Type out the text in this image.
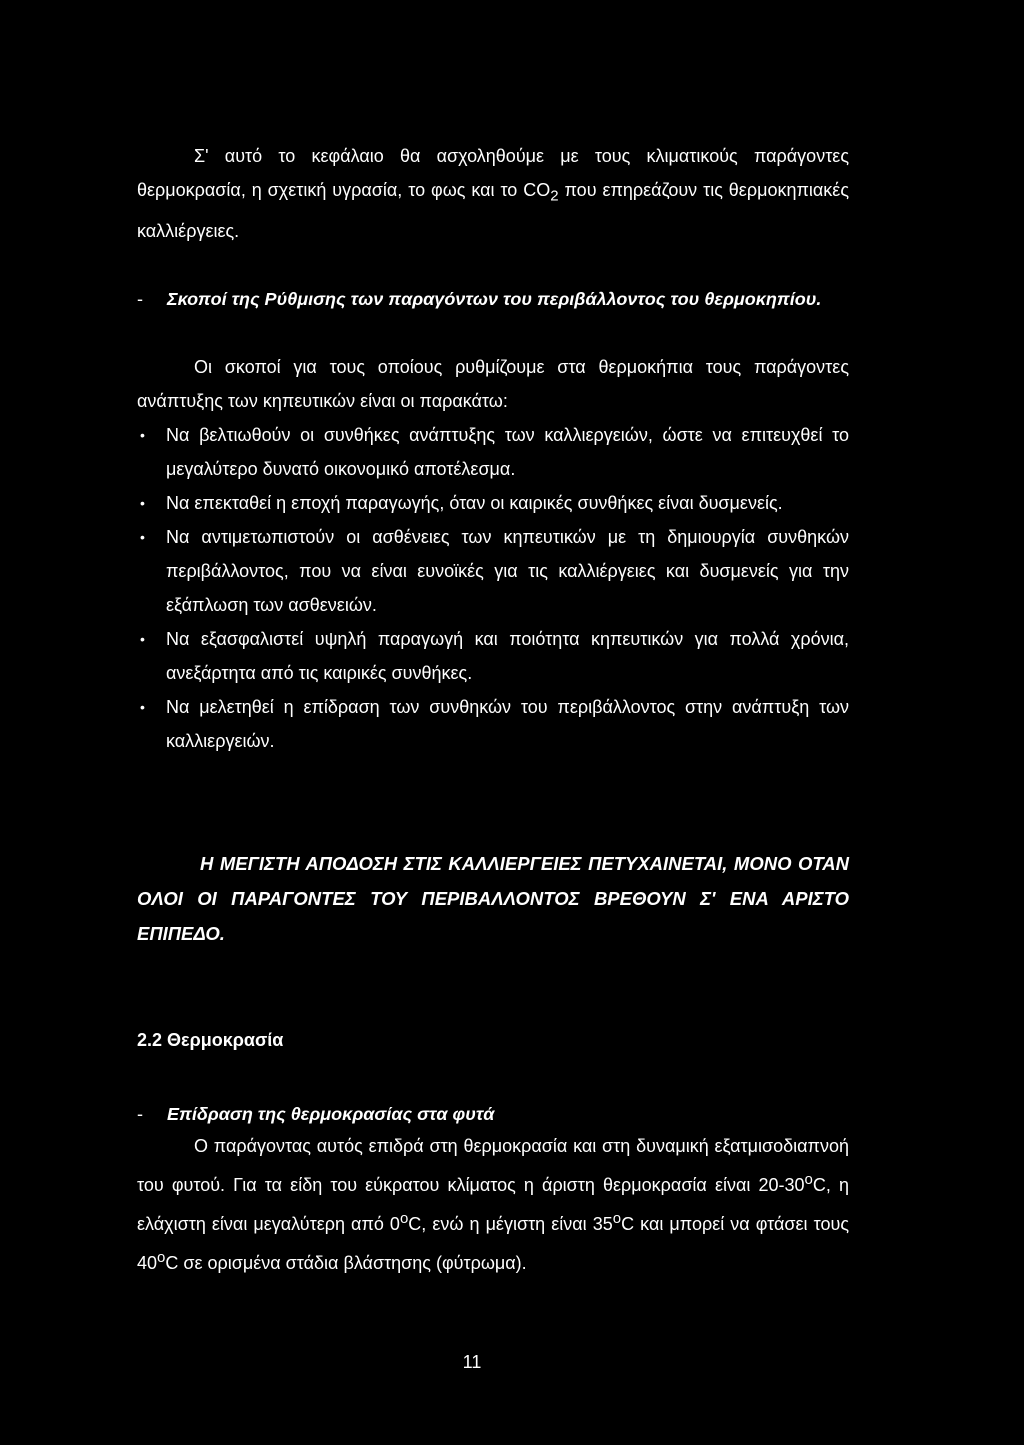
Σ' αυτό το κεφάλαιο θα ασχοληθούμε με τους κλιματικούς παράγοντες θερμοκρασία, η σχετική υγρασία, το φως και το $CO_2$ που επηρεάζουν τις θερμοκηπιακές καλλιέργειες.

- Σκοποί της Ρύθμισης των παραγόντων του περιβάλλοντος του θερμοκηπίου.

Οι σκοποί για τους οποίους ρυθμίζουμε στα θερμοκήπια τους παράγοντες ανάπτυξης των κηπευτικών είναι οι παρακάτω:

• Να βελτιωθούν οι συνθήκες ανάπτυξης των καλλιεργειών, ώστε να επιτευχθεί το μεγαλύτερο δυνατό οικονομικό αποτέλεσμα.
• Να επεκταθεί η εποχή παραγωγής, όταν οι καιρικές συνθήκες είναι δυσμενείς.
• Να αντιμετωπιστούν οι ασθένειες των κηπευτικών με τη δημιουργία συνθηκών περιβάλλοντος, που να είναι ευνοϊκές για τις καλλιέργειες και δυσμενείς για την εξάπλωση των ασθενειών.
• Να εξασφαλιστεί υψηλή παραγωγή και ποιότητα κηπευτικών για πολλά χρόνια, ανεξάρτητα από τις καιρικές συνθήκες.
• Να μελετηθεί η επίδραση των συνθηκών του περιβάλλοντος στην ανάπτυξη των καλλιεργειών.

Η ΜΕΓΙΣΤΗ ΑΠΟΔΟΣΗ ΣΤΙΣ ΚΑΛΛΙΕΡΓΕΙΕΣ ΠΕΤΥΧΑΙΝΕΤΑΙ, ΜΟΝΟ ΟΤΑΝ ΟΛΟΙ ΟΙ ΠΑΡΑΓΟΝΤΕΣ ΤΟΥ ΠΕΡΙΒΑΛΛΟΝΤΟΣ ΒΡΕΘΟΥΝ Σ' ΕΝΑ ΑΡΙΣΤΟ ΕΠΙΠΕΔΟ.

2.2 Θερμοκρασία

- Επίδραση της θερμοκρασίας στα φυτά

Ο παράγοντας αυτός επιδρά στη θερμοκρασία και στη δυναμική εξατμισοδιαπνοή του φυτού. Για τα είδη του εύκρατου κλίματος η άριστη θερμοκρασία είναι 20-30$^o$C, η ελάχιστη είναι μεγαλύτερη από 0$^o$C, ενώ η μέγιστη είναι 35$^o$C και μπορεί να φτάσει τους 40$^o$C σε ορισμένα στάδια βλάστησης (φύτρωμα).

11
